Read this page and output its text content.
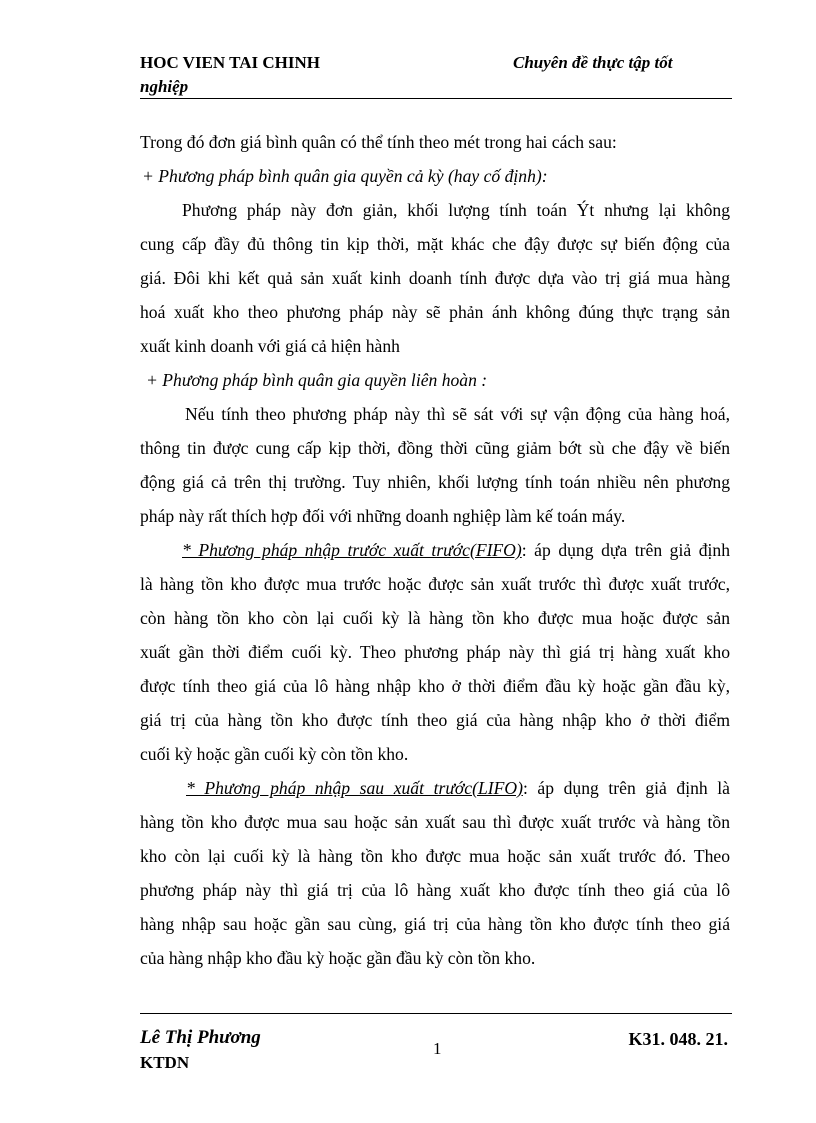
HOC VIEN TAI CHINH	Chuyên đề thực tập tốt
nghiệp
Trong đó đơn giá bình quân có thể tính theo mét trong hai cách sau:
+ Phương pháp bình quân gia quyền cả kỳ (hay cố định):
Phương pháp này đơn giản, khối lượng tính toán Ýt nhưng lại không
cung cấp đầy đủ thông tin kịp thời, mặt khác che đậy được sự biến động của
giá. Đôi khi kết quả sản xuất kinh doanh tính được dựa vào trị giá mua hàng
hoá xuất kho theo phương pháp này sẽ phản ánh không đúng thực trạng sản
xuất kinh doanh với giá cả hiện hành
+ Phương pháp bình quân gia quyền liên hoàn :
Nếu tính theo phương pháp này thì sẽ sát với sự vận động của hàng hoá,
thông tin được cung cấp kịp thời, đồng thời cũng giảm bớt sù che đậy về biến
động giá cả trên thị trường. Tuy nhiên, khối lượng tính toán nhiều nên phương
pháp này rất thích hợp đối với những doanh nghiệp làm kế toán máy.
* Phương pháp nhập trước xuất trước(FIFO): áp dụng dựa trên giả định
là hàng tồn kho được mua trước hoặc được sản xuất trước thì được xuất trước,
còn hàng tồn kho còn lại cuối kỳ là hàng tồn kho được mua hoặc được sản
xuất gần thời điểm cuối kỳ. Theo phương pháp này thì giá trị hàng xuất kho
được tính theo giá của lô hàng nhập kho ở thời điểm đầu kỳ hoặc gần đầu kỳ,
giá trị của hàng tồn kho được tính theo giá của hàng nhập kho ở thời điểm
cuối kỳ hoặc gần cuối kỳ còn tồn kho.
* Phương pháp nhập sau xuất trước(LIFO): áp dụng trên giả định là
hàng tồn kho được mua sau hoặc sản xuất sau thì được xuất trước và hàng tồn
kho còn lại cuối kỳ là hàng tồn kho được mua hoặc sản xuất trước đó. Theo
phương pháp này thì giá trị của lô hàng xuất kho được tính theo giá của lô
hàng nhập sau hoặc gần sau cùng, giá trị của hàng tồn kho được tính theo giá
của hàng nhập kho đầu kỳ hoặc gần đầu kỳ còn tồn kho.
Lê Thị Phương
KTDN
1	K31. 048. 21.
